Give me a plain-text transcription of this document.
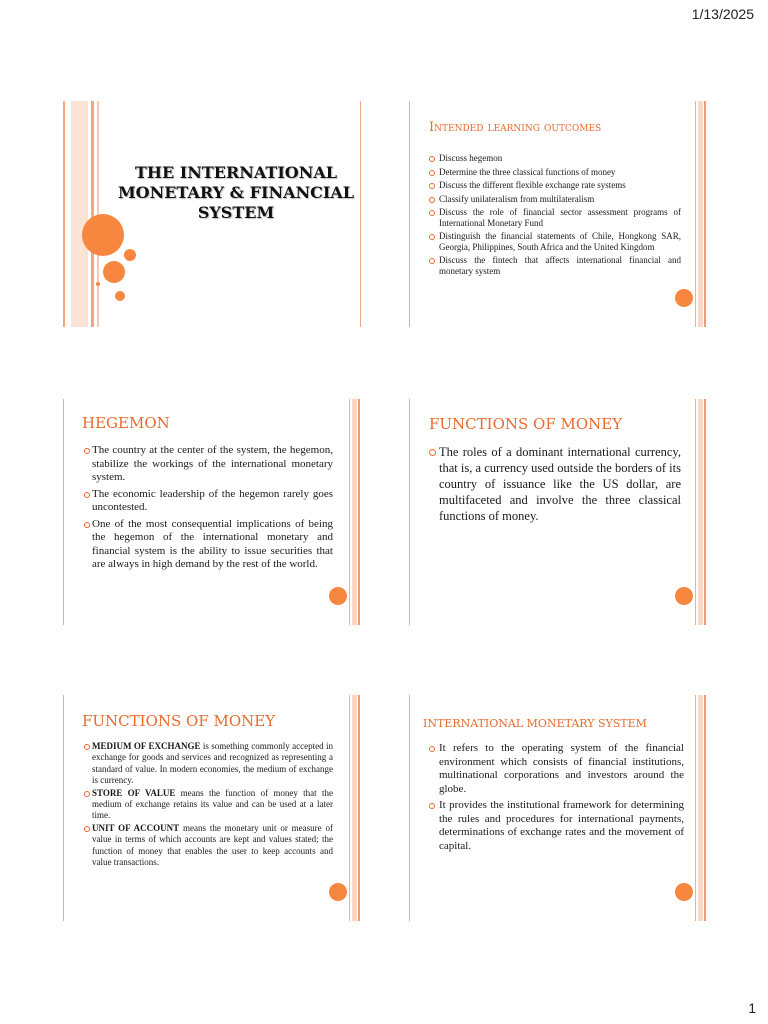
1/13/2025
THE INTERNATIONAL MONETARY & FINANCIAL SYSTEM
Intended learning outcomes
Discuss hegemon
Determine the three classical functions of money
Discuss the different flexible exchange rate systems
Classify unilateralism from multilateralism
Discuss the role of financial sector assessment programs of International Monetary Fund
Distinguish the financial statements of Chile, Hongkong SAR, Georgia, Philippines, South Africa and the United Kingdom
Discuss the fintech that affects international financial and monetary system
HEGEMON
The country at the center of the system, the hegemon, stabilize the workings of the international monetary system.
The economic leadership of the hegemon rarely goes uncontested.
One of the most consequential implications of being the hegemon of the international monetary and financial system is the ability to issue securities that are always in high demand by the rest of the world.
FUNCTIONS OF MONEY
The roles of a dominant international currency, that is, a currency used outside the borders of its country of issuance like the US dollar, are multifaceted and involve the three classical functions of money.
FUNCTIONS OF MONEY
MEDIUM OF EXCHANGE is something commonly accepted in exchange for goods and services and recognized as representing a standard of value. In modern economies, the medium of exchange is currency.
STORE OF VALUE means the function of money that the medium of exchange retains its value and can be used at a later time.
UNIT OF ACCOUNT means the monetary unit or measure of value in terms of which accounts are kept and values stated; the function of money that enables the user to keep accounts and value transactions.
INTERNATIONAL MONETARY SYSTEM
It refers to the operating system of the financial environment which consists of financial institutions, multinational corporations and investors around the globe.
It provides the institutional framework for determining the rules and procedures for international payments, determinations of exchange rates and the movement of capital.
1
